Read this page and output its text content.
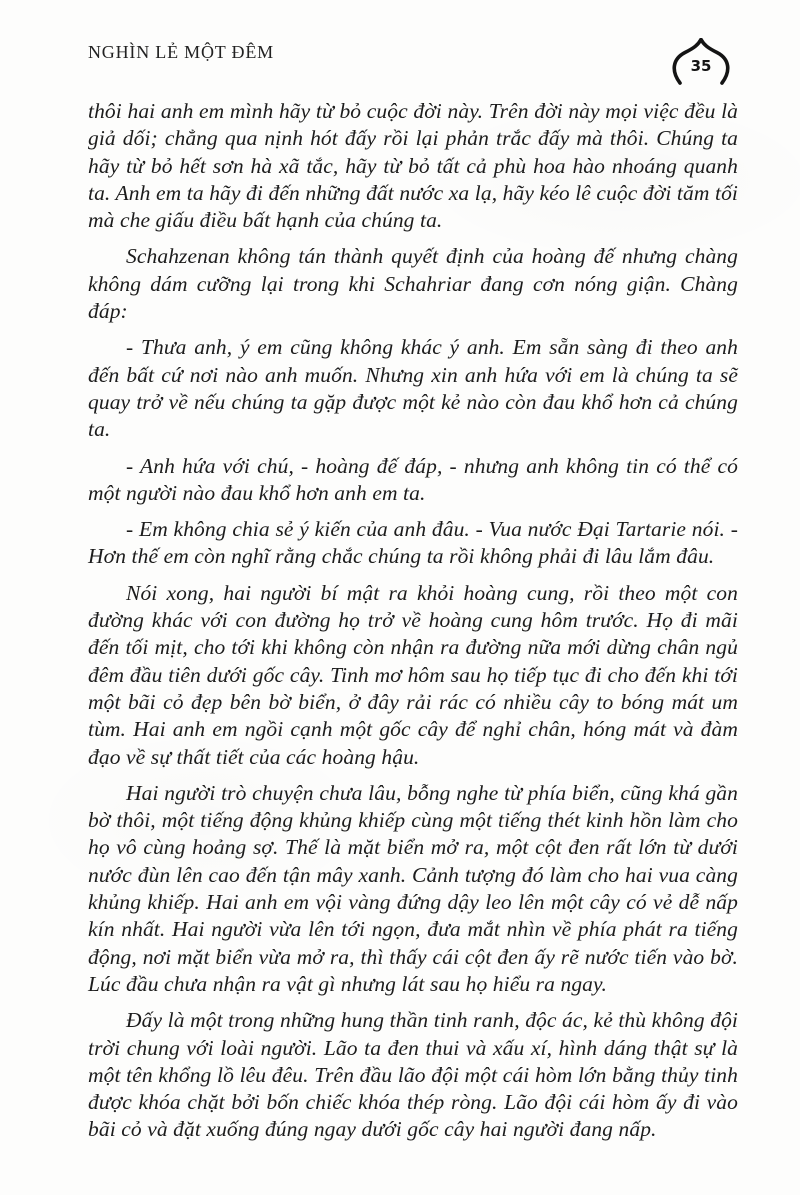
NGHÌN LẺ MỘT ĐÊM
35

thôi hai anh em mình hãy từ bỏ cuộc đời này. Trên đời này mọi việc đều là giả dối; chẳng qua nịnh hót đấy rồi lại phản trắc đấy mà thôi. Chúng ta hãy từ bỏ hết sơn hà xã tắc, hãy từ bỏ tất cả phù hoa hào nhoáng quanh ta. Anh em ta hãy đi đến những đất nước xa lạ, hãy kéo lê cuộc đời tăm tối mà che giấu điều bất hạnh của chúng ta.

Schahzenan không tán thành quyết định của hoàng đế nhưng chàng không dám cưỡng lại trong khi Schahriar đang cơn nóng giận. Chàng đáp:

- Thưa anh, ý em cũng không khác ý anh. Em sẵn sàng đi theo anh đến bất cứ nơi nào anh muốn. Nhưng xin anh hứa với em là chúng ta sẽ quay trở về nếu chúng ta gặp được một kẻ nào còn đau khổ hơn cả chúng ta.

- Anh hứa với chú, - hoàng đế đáp, - nhưng anh không tin có thể có một người nào đau khổ hơn anh em ta.

- Em không chia sẻ ý kiến của anh đâu. - Vua nước Đại Tartarie nói. - Hơn thế em còn nghĩ rằng chắc chúng ta rồi không phải đi lâu lắm đâu.

Nói xong, hai người bí mật ra khỏi hoàng cung, rồi theo một con đường khác với con đường họ trở về hoàng cung hôm trước. Họ đi mãi đến tối mịt, cho tới khi không còn nhận ra đường nữa mới dừng chân ngủ đêm đầu tiên dưới gốc cây. Tinh mơ hôm sau họ tiếp tục đi cho đến khi tới một bãi cỏ đẹp bên bờ biển, ở đây rải rác có nhiều cây to bóng mát um tùm. Hai anh em ngồi cạnh một gốc cây để nghỉ chân, hóng mát và đàm đạo về sự thất tiết của các hoàng hậu.

Hai người trò chuyện chưa lâu, bỗng nghe từ phía biển, cũng khá gần bờ thôi, một tiếng động khủng khiếp cùng một tiếng thét kinh hồn làm cho họ vô cùng hoảng sợ. Thế là mặt biển mở ra, một cột đen rất lớn từ dưới nước đùn lên cao đến tận mây xanh. Cảnh tượng đó làm cho hai vua càng khủng khiếp. Hai anh em vội vàng đứng dậy leo lên một cây có vẻ dễ nấp kín nhất. Hai người vừa lên tới ngọn, đưa mắt nhìn về phía phát ra tiếng động, nơi mặt biển vừa mở ra, thì thấy cái cột đen ấy rẽ nước tiến vào bờ. Lúc đầu chưa nhận ra vật gì nhưng lát sau họ hiểu ra ngay.

Đấy là một trong những hung thần tinh ranh, độc ác, kẻ thù không đội trời chung với loài người. Lão ta đen thui và xấu xí, hình dáng thật sự là một tên khổng lồ lêu đêu. Trên đầu lão đội một cái hòm lớn bằng thủy tinh được khóa chặt bởi bốn chiếc khóa thép ròng. Lão đội cái hòm ấy đi vào bãi cỏ và đặt xuống đúng ngay dưới gốc cây hai người đang nấp.
